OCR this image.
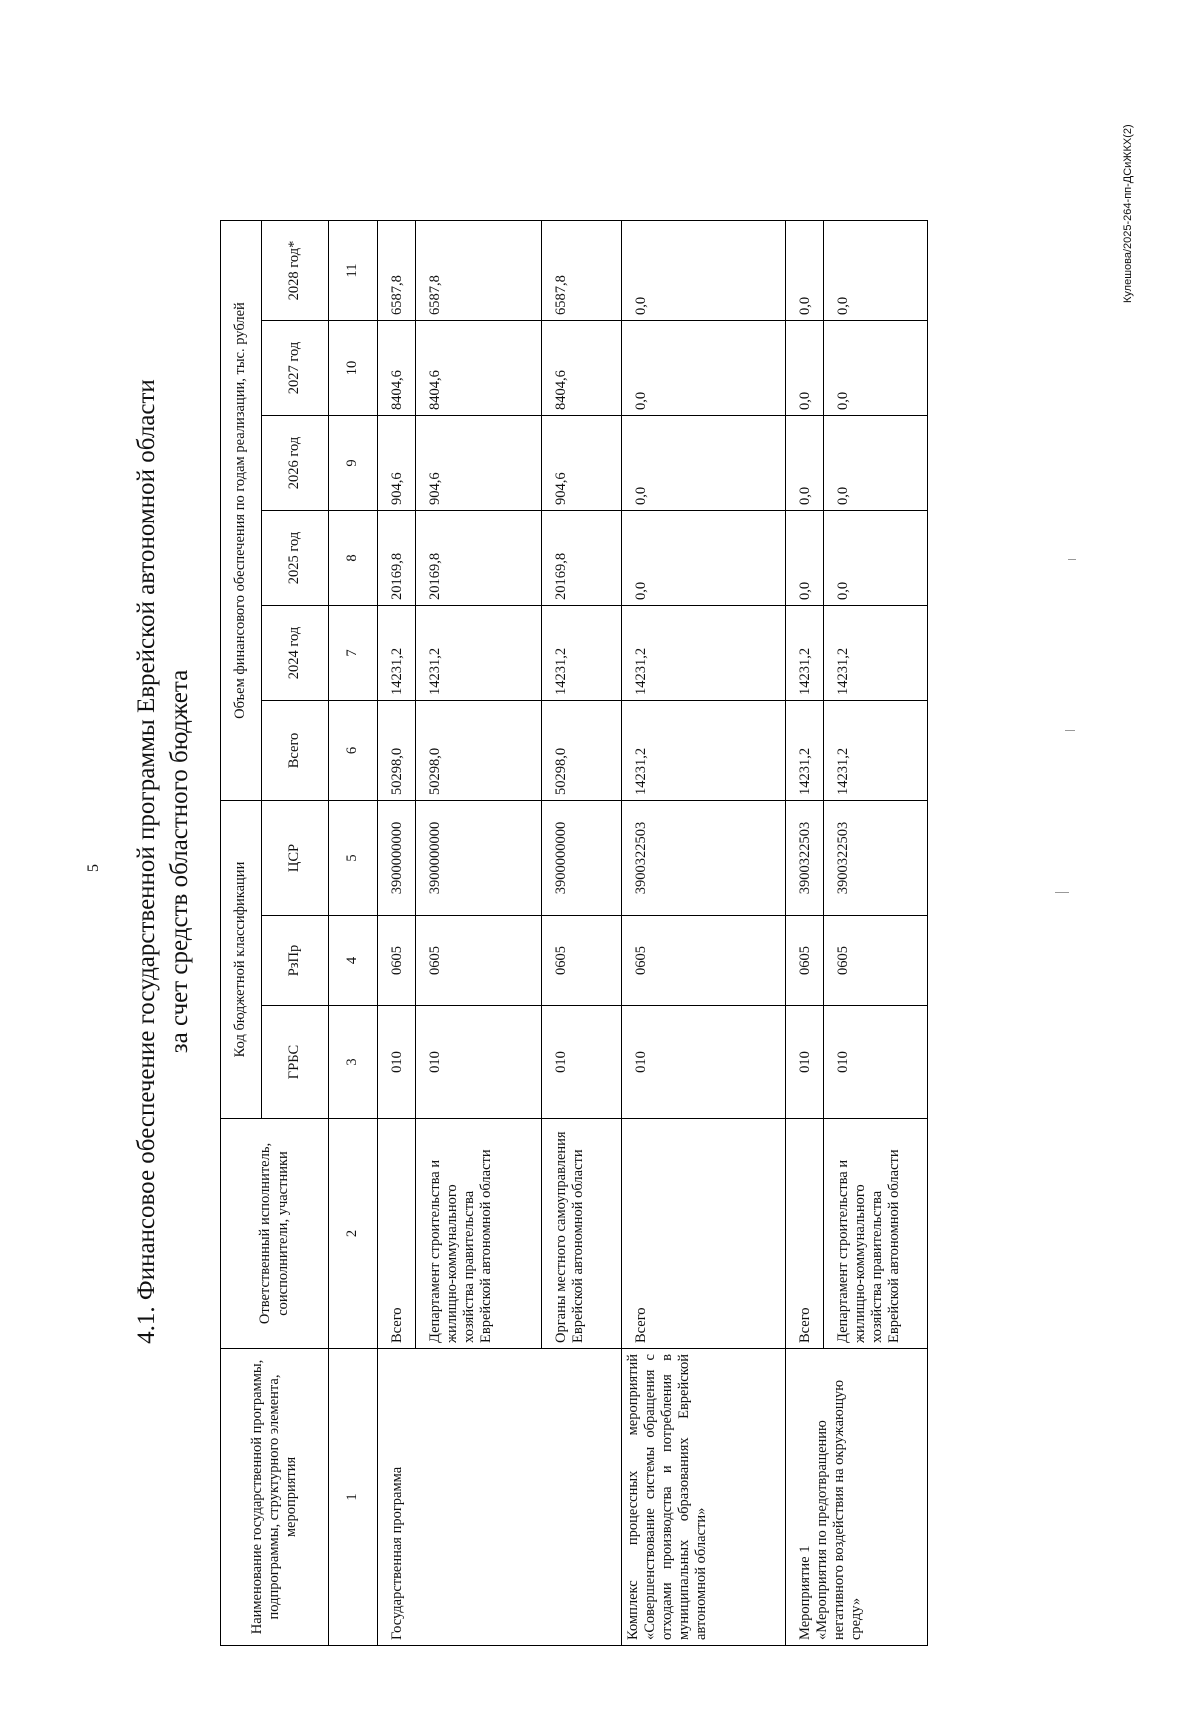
5 4.1. Финансовое обеспечение государственной программы Еврейской автономной области за счет средств областного бюджета
Наименование государственной программы, подпрограммы, структурного элемента, мероприятия	Ответственный исполнитель, соисполнители, участники	Код бюджетной классификации			Объем финансового обеспечения по годам реализации, тыс. рублей					
		ГРБС	РзПр	ЦСР	Всего	2024 год	2025 год	2026 год	2027 год	2028 год*
1	2	3	4	5	6	7	8	9	10	11
Государственная программа	Всего	010	0605	3900000000	50298,0	14231,2	20169,8	904,6	8404,6	6587,8
	Департамент строительства и жилищно-коммунального хозяйства правительства Еврейской автономной области	010	0605	3900000000	50298,0	14231,2	20169,8	904,6	8404,6	6587,8
	Органы местного самоуправления Еврейской автономной области	010	0605	3900000000	50298,0	14231,2	20169,8	904,6	8404,6	6587,8
Комплекс процессных мероприятий «Совершенствование системы обращения с отходами производства и потребления в муниципальных образованиях Еврейской автономной области»	Всего	010	0605	3900322503	14231,2	14231,2	0,0	0,0	0,0	0,0

Мероприятие 1 «Мероприятия по предотвращению негативного воздействия на окружающую среду»	Всего	010	0605	3900322503	14231,2	14231,2	0,0	0,0	0,0	0,0
	Департамент строительства и жилищно-коммунального хозяйства правительства Еврейской автономной области	010	0605	3900322503	14231,2	14231,2	0,0	0,0	0,0	0,0
Кулешова/2025-264-пп-ДСиЖКХ(2)
